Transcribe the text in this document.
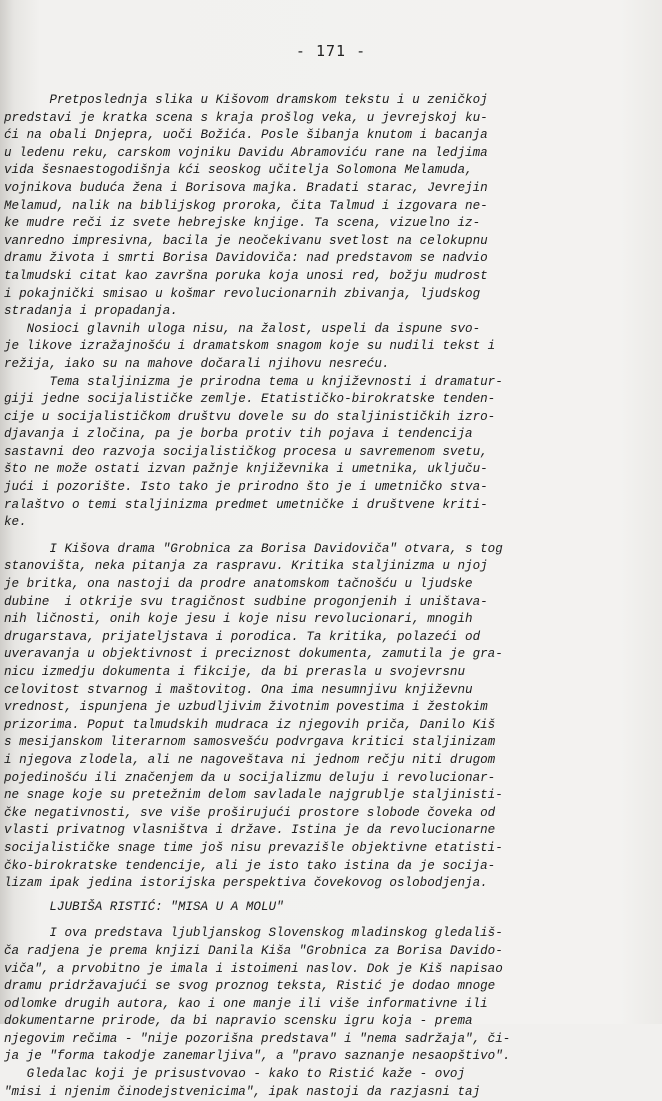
- 171 -
Pretposlednja slika u Kišovom dramskom tekstu i u zeničkoj
predstavi je kratka scena s kraja prošlog veka, u jevrejskoj ku-
ći na obali Dnjepra, uoči Božića. Posle šibanja knutom i bacanja
u ledenu reku, carskom vojniku Davidu Abramoviću rane na ledjima
vida šesnaestogodišnja kći seoskog učitelja Solomona Melamuda,
vojnikova buduća žena i Borisova majka. Bradati starac, Jevrejin
Melamud, nalik na biblijskog proroka, čita Talmud i izgovara ne-
ke mudre reči iz svete hebrejske knjige. Ta scena, vizuelno iz-
vanredno impresivna, bacila je neočekivanu svetlost na celokupnu
dramu života i smrti Borisa Davidoviča: nad predstavom se nadvio
talmudski citat kao završna poruka koja unosi red, božju mudrost
i pokajnički smisao u košmar revolucionarnih zbivanja, ljudskog
stradanja i propadanja.
Nosioci glavnih uloga nisu, na žalost, uspeli da ispune svo-
je likove izražajnošću i dramatskom snagom koje su nudili tekst i
režija, iako su na mahove dočarali njihovu nesreću.
Tema staljinizma je prirodna tema u književnosti i dramatur-
giji jedne socijalističke zemlje. Etatističko-birokratske tenden-
cije u socijalističkom društvu dovele su do staljinističkih izro-
djavanja i zločina, pa je borba protiv tih pojava i tendencija
sastavni deo razvoja socijalističkog procesa u savremenom svetu,
što ne može ostati izvan pažnje književnika i umetnika, uključu-
jući i pozorište. Isto tako je prirodno što je i umetničko stva-
ralaštvo o temi staljinizma predmet umetničke i društvene kriti-
ke.
I Kišova drama "Grobnica za Borisa Davidoviča" otvara, s tog
stanovišta, neka pitanja za raspravu. Kritika staljinizma u njoj
je britka, ona nastoji da prodre anatomskom tačnošću u ljudske
dubine  i otkrije svu tragičnost sudbine progonjenih i uništava-
nih ličnosti, onih koje jesu i koje nisu revolucionari, mnogih
drugarstava, prijateljstava i porodica. Ta kritika, polazeći od
uveravanja u objektivnost i preciznost dokumenta, zamutila je gra-
nicu izmedju dokumenta i fikcije, da bi prerasla u svojevrsnu
celovitost stvarnog i maštovitog. Ona ima nesumnjivu književnu
vrednost, ispunjena je uzbudljivim životnim povestima i žestokim
prizorima. Poput talmudskih mudraca iz njegovih priča, Danilo Kiš
s mesijanskom literarnom samosvešću podvrgava kritici staljinizam
i njegova zlodela, ali ne nagoveštava ni jednom rečju niti drugom
pojedinošću ili značenjem da u socijalizmu deluju i revolucionar-
ne snage koje su pretežnim delom savladale najgrublje staljinisti-
čke negativnosti, sve više proširujući prostore slobode čoveka od
vlasti privatnog vlasništva i države. Istina je da revolucionarne
socijalističke snage time još nisu prevazišle objektivne etatisti-
čko-birokratske tendencije, ali je isto tako istina da je socija-
lizam ipak jedina istorijska perspektiva čovekovog oslobodjenja.
LJUBIŠA RISTIĆ: "MISA U A MOLU"
I ova predstava ljubljanskog Slovenskog mladinskog gledališ-
ča radjena je prema knjizi Danila Kiša "Grobnica za Borisa Davido-
viča", a prvobitno je imala i istoimeni naslov. Dok je Kiš napisao
dramu pridržavajući se svog proznog teksta, Ristić je dodao mnoge
odlomke drugih autora, kao i one manje ili više informativne ili
dokumentarne prirode, da bi napravio scensku igru koja - prema
njegovim rečima - "nije pozorišna predstava" i "nema sadržaja", či-
ja je "forma takodje zanemarljiva", a "pravo saznanje nesaopštivo".
Gledalac koji je prisustvovao - kako to Ristić kaže - ovoj
"misi i njenim činodejstvenicima", ipak nastoji da razjasni taj
